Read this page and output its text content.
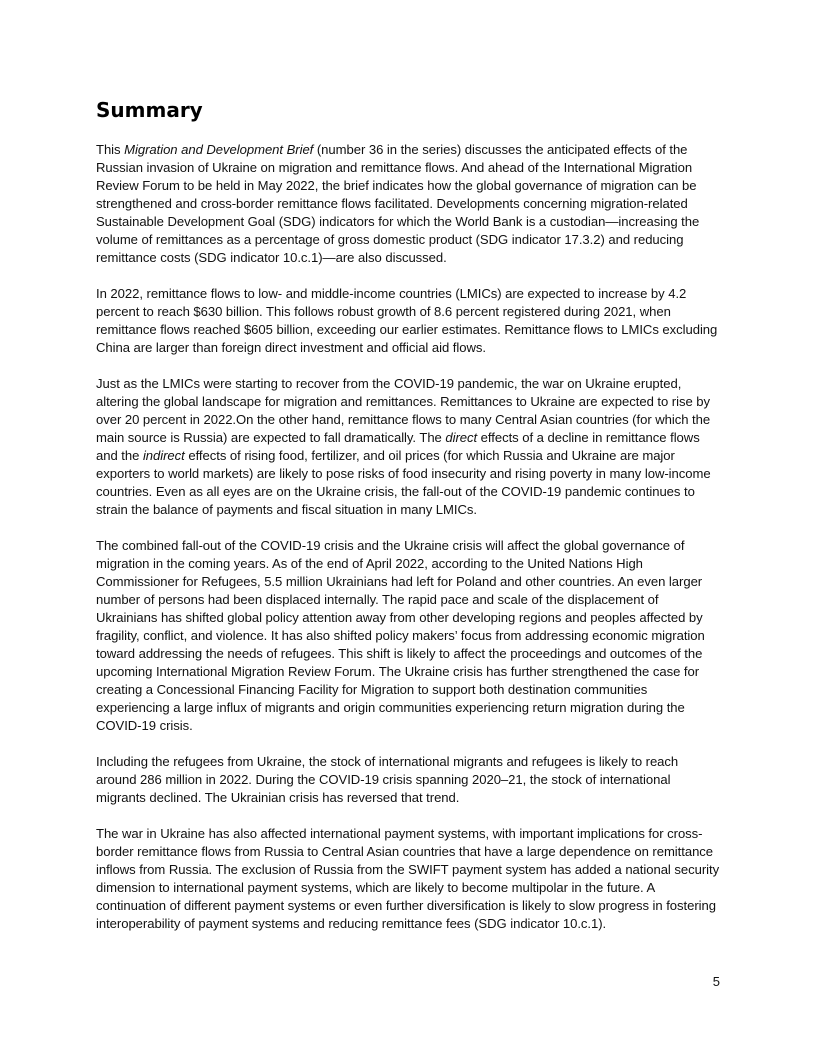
Summary

This Migration and Development Brief (number 36 in the series) discusses the anticipated effects of the Russian invasion of Ukraine on migration and remittance flows. And ahead of the International Migration Review Forum to be held in May 2022, the brief indicates how the global governance of migration can be strengthened and cross-border remittance flows facilitated. Developments concerning migration-related Sustainable Development Goal (SDG) indicators for which the World Bank is a custodian—increasing the volume of remittances as a percentage of gross domestic product (SDG indicator 17.3.2) and reducing remittance costs (SDG indicator 10.c.1)—are also discussed.

In 2022, remittance flows to low- and middle-income countries (LMICs) are expected to increase by 4.2 percent to reach $630 billion. This follows robust growth of 8.6 percent registered during 2021, when remittance flows reached $605 billion, exceeding our earlier estimates. Remittance flows to LMICs excluding China are larger than foreign direct investment and official aid flows.

Just as the LMICs were starting to recover from the COVID-19 pandemic, the war on Ukraine erupted, altering the global landscape for migration and remittances. Remittances to Ukraine are expected to rise by over 20 percent in 2022.On the other hand, remittance flows to many Central Asian countries (for which the main source is Russia) are expected to fall dramatically. The direct effects of a decline in remittance flows and the indirect effects of rising food, fertilizer, and oil prices (for which Russia and Ukraine are major exporters to world markets) are likely to pose risks of food insecurity and rising poverty in many low-income countries. Even as all eyes are on the Ukraine crisis, the fall-out of the COVID-19 pandemic continues to strain the balance of payments and fiscal situation in many LMICs.

The combined fall-out of the COVID-19 crisis and the Ukraine crisis will affect the global governance of migration in the coming years. As of the end of April 2022, according to the United Nations High Commissioner for Refugees, 5.5 million Ukrainians had left for Poland and other countries. An even larger number of persons had been displaced internally. The rapid pace and scale of the displacement of Ukrainians has shifted global policy attention away from other developing regions and peoples affected by fragility, conflict, and violence. It has also shifted policy makers’ focus from addressing economic migration toward addressing the needs of refugees. This shift is likely to affect the proceedings and outcomes of the upcoming International Migration Review Forum. The Ukraine crisis has further strengthened the case for creating a Concessional Financing Facility for Migration to support both destination communities experiencing a large influx of migrants and origin communities experiencing return migration during the COVID-19 crisis.

Including the refugees from Ukraine, the stock of international migrants and refugees is likely to reach around 286 million in 2022. During the COVID-19 crisis spanning 2020–21, the stock of international migrants declined. The Ukrainian crisis has reversed that trend.

The war in Ukraine has also affected international payment systems, with important implications for cross-border remittance flows from Russia to Central Asian countries that have a large dependence on remittance inflows from Russia. The exclusion of Russia from the SWIFT payment system has added a national security dimension to international payment systems, which are likely to become multipolar in the future. A continuation of different payment systems or even further diversification is likely to slow progress in fostering interoperability of payment systems and reducing remittance fees (SDG indicator 10.c.1).

5
